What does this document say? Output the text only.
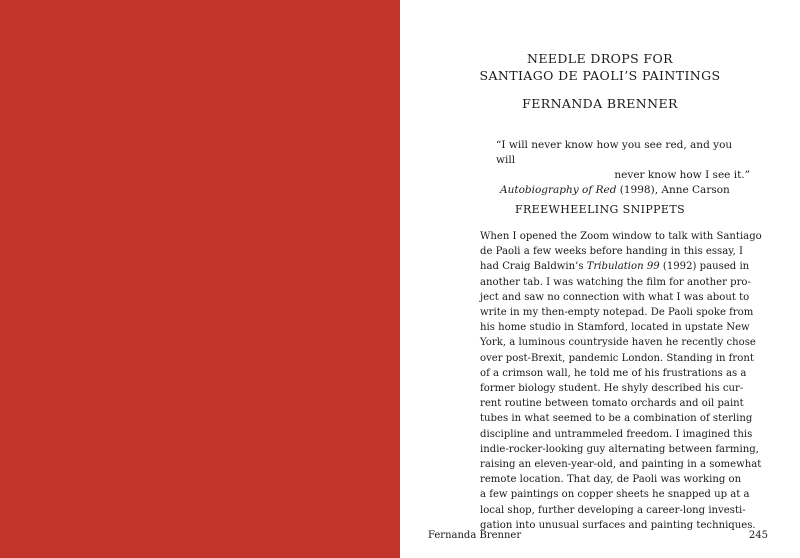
NEEDLE DROPS FOR
SANTIAGO DE PAOLI’S PAINTINGS
FERNANDA BRENNER

“I will never know how you see red, and you will
never know how I see it.”
Autobiography of Red (1998), Anne Carson

FREEWHEELING SNIPPETS

When I opened the Zoom window to talk with Santiago
de Paoli a few weeks before handing in this essay, I
had Craig Baldwin’s Tribulation 99 (1992) paused in
another tab. I was watching the film for another pro-
ject and saw no connection with what I was about to
write in my then-empty notepad. De Paoli spoke from
his home studio in Stamford, located in upstate New
York, a luminous countryside haven he recently chose
over post-Brexit, pandemic London. Standing in front
of a crimson wall, he told me of his frustrations as a
former biology student. He shyly described his cur-
rent routine between tomato orchards and oil paint
tubes in what seemed to be a combination of sterling
discipline and untrammeled freedom. I imagined this
indie-rocker-looking guy alternating between farming,
raising an eleven-year-old, and painting in a somewhat
remote location. That day, de Paoli was working on
a few paintings on copper sheets he snapped up at a
local shop, further developing a career-long investi-
gation into unusual surfaces and painting techniques.

Fernanda Brenner	245
